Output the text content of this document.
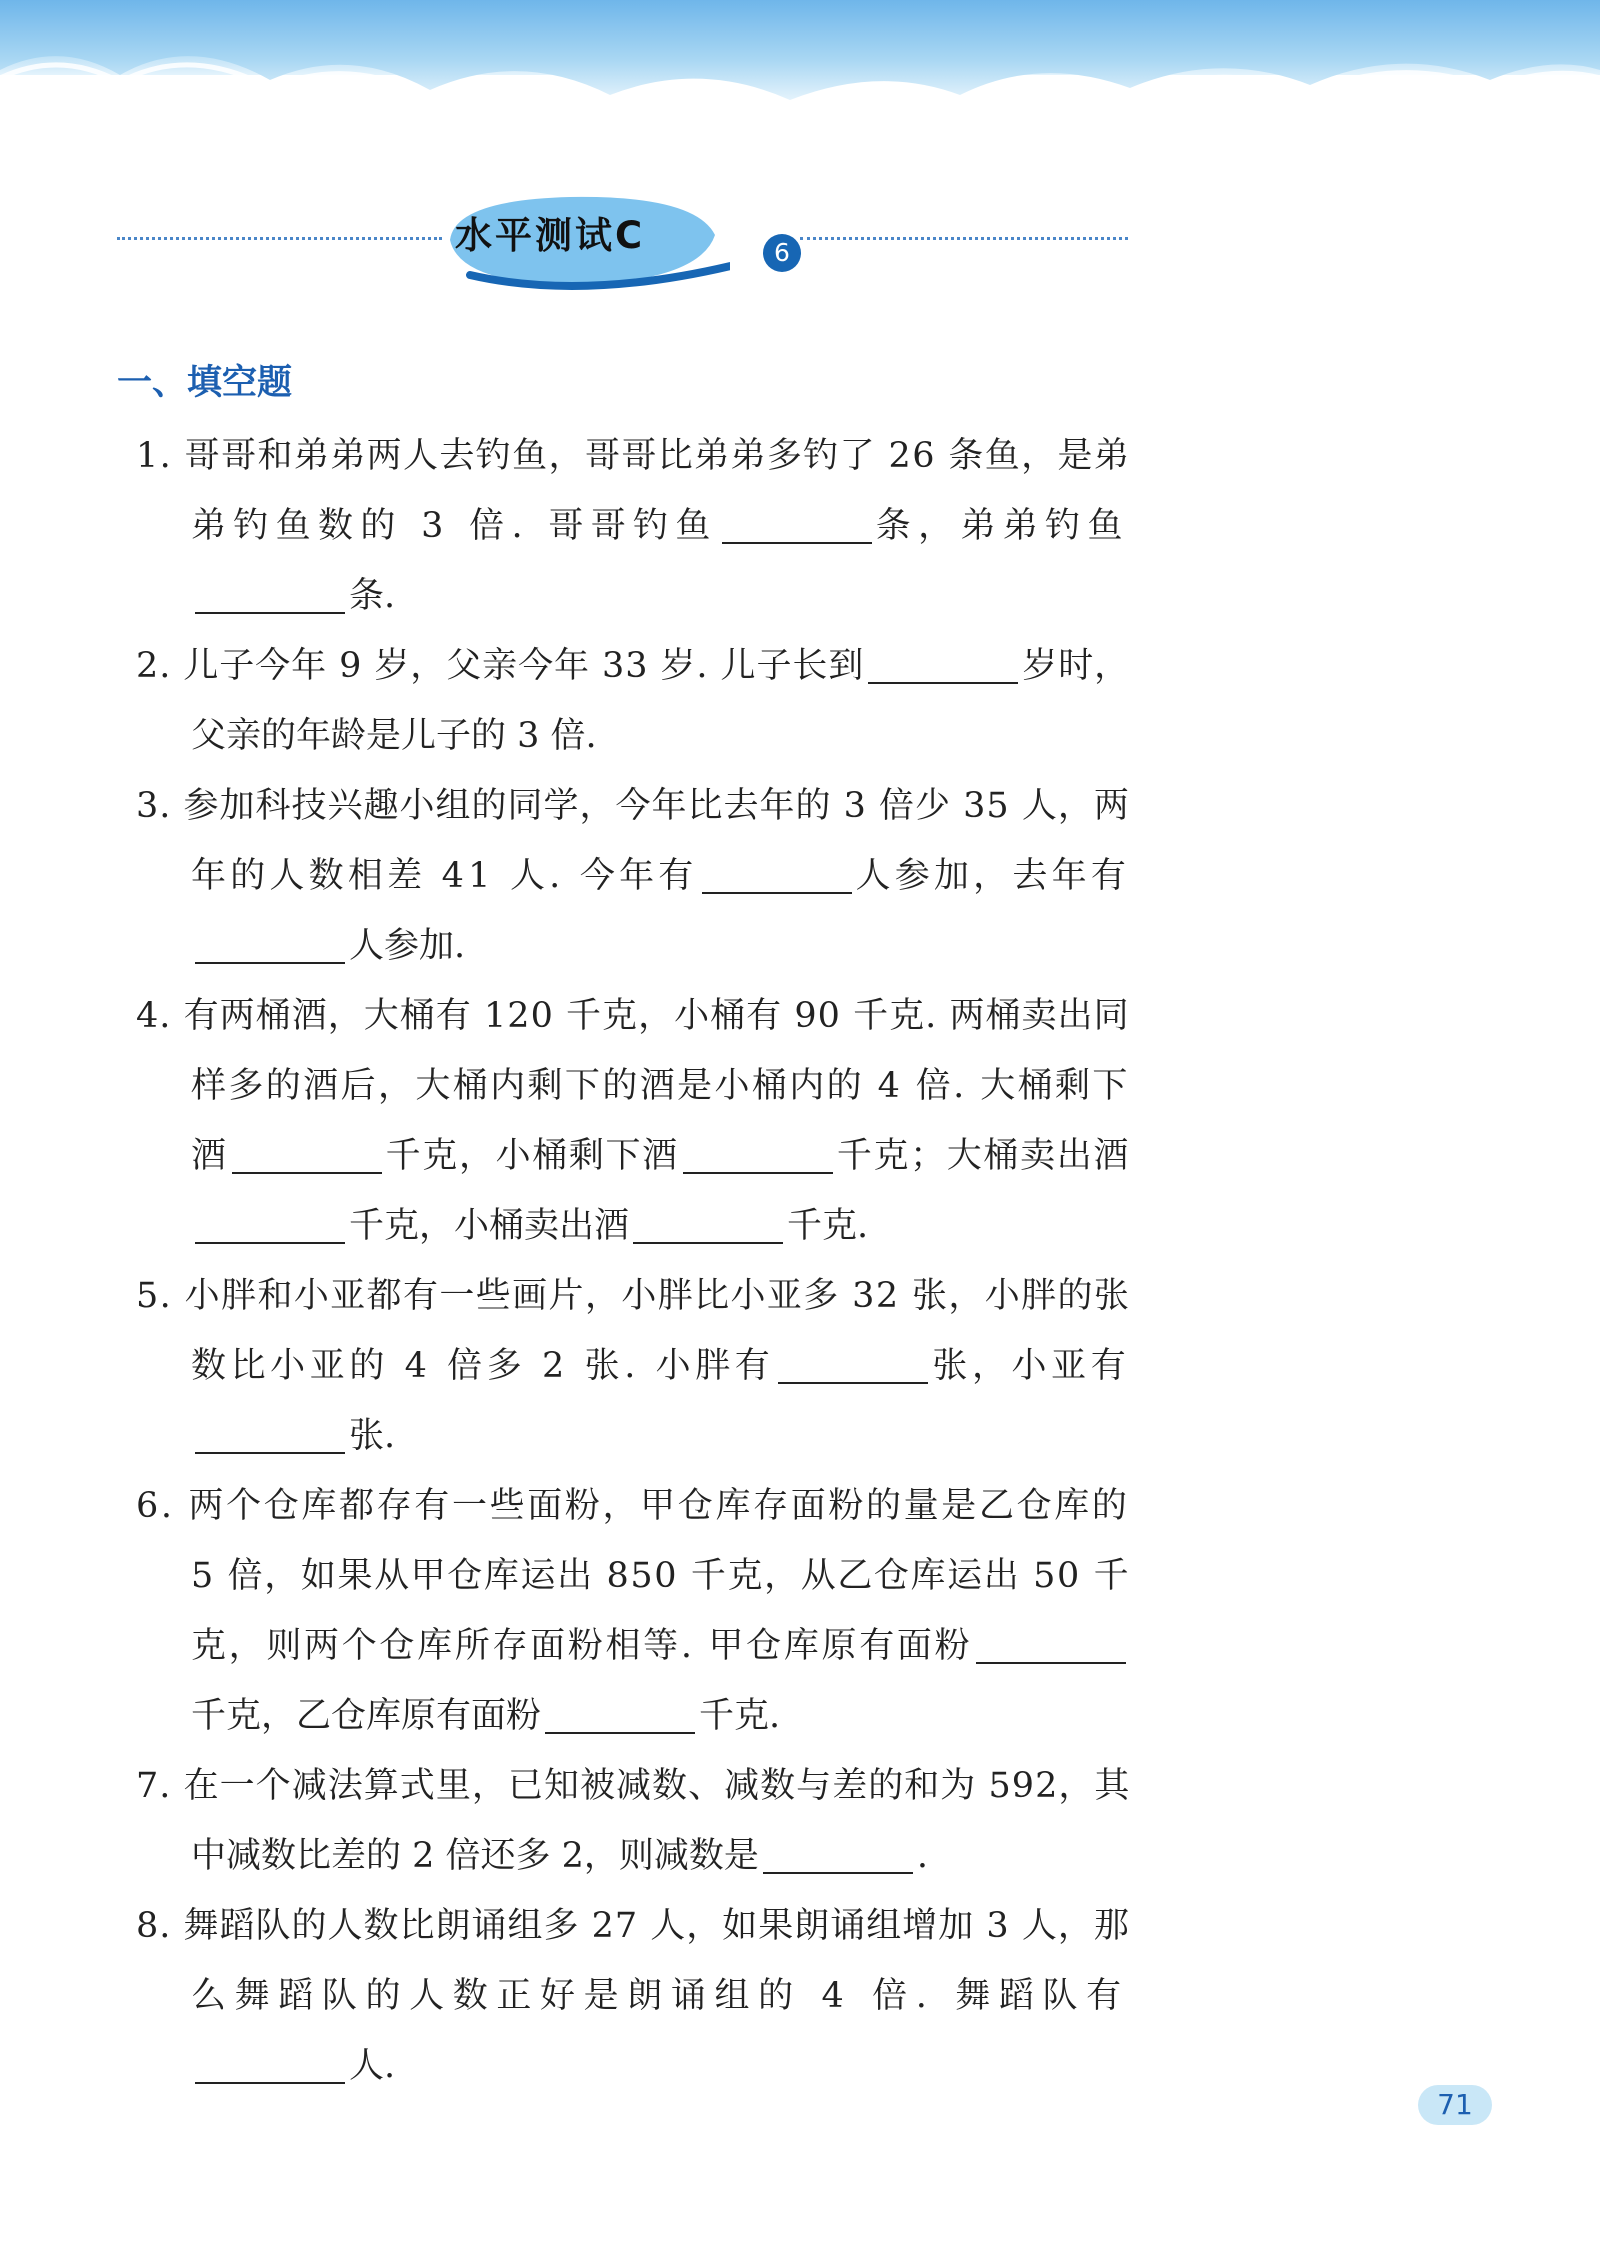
水平测试C	6
一、填空题
1. 哥哥和弟弟两人去钓鱼，哥哥比弟弟多钓了 26 条鱼，是弟
弟钓鱼数的 3 倍. 哥哥钓鱼	条，弟弟钓鱼
条.
2. 儿子今年 9 岁，父亲今年 33 岁. 儿子长到	岁时，
父亲的年龄是儿子的 3 倍.
3. 参加科技兴趣小组的同学，今年比去年的 3 倍少 35 人，两
年的人数相差 41 人. 今年有	人参加，去年有
人参加.
4. 有两桶酒，大桶有 120 千克，小桶有 90 千克. 两桶卖出同
样多的酒后，大桶内剩下的酒是小桶内的 4 倍. 大桶剩下
酒	千克，小桶剩下酒	千克；大桶卖出酒
千克，小桶卖出酒	千克.
5. 小胖和小亚都有一些画片，小胖比小亚多 32 张，小胖的张
数比小亚的 4 倍多 2 张. 小胖有	张，小亚有
张.
6. 两个仓库都存有一些面粉，甲仓库存面粉的量是乙仓库的
5 倍，如果从甲仓库运出 850 千克，从乙仓库运出 50 千
克，则两个仓库所存面粉相等. 甲仓库原有面粉
千克，乙仓库原有面粉	千克.
7. 在一个减法算式里，已知被减数、减数与差的和为 592，其
中减数比差的 2 倍还多 2，则减数是	.
8. 舞蹈队的人数比朗诵组多 27 人，如果朗诵组增加 3 人，那
么舞蹈队的人数正好是朗诵组的 4 倍. 舞蹈队有
人.
71
